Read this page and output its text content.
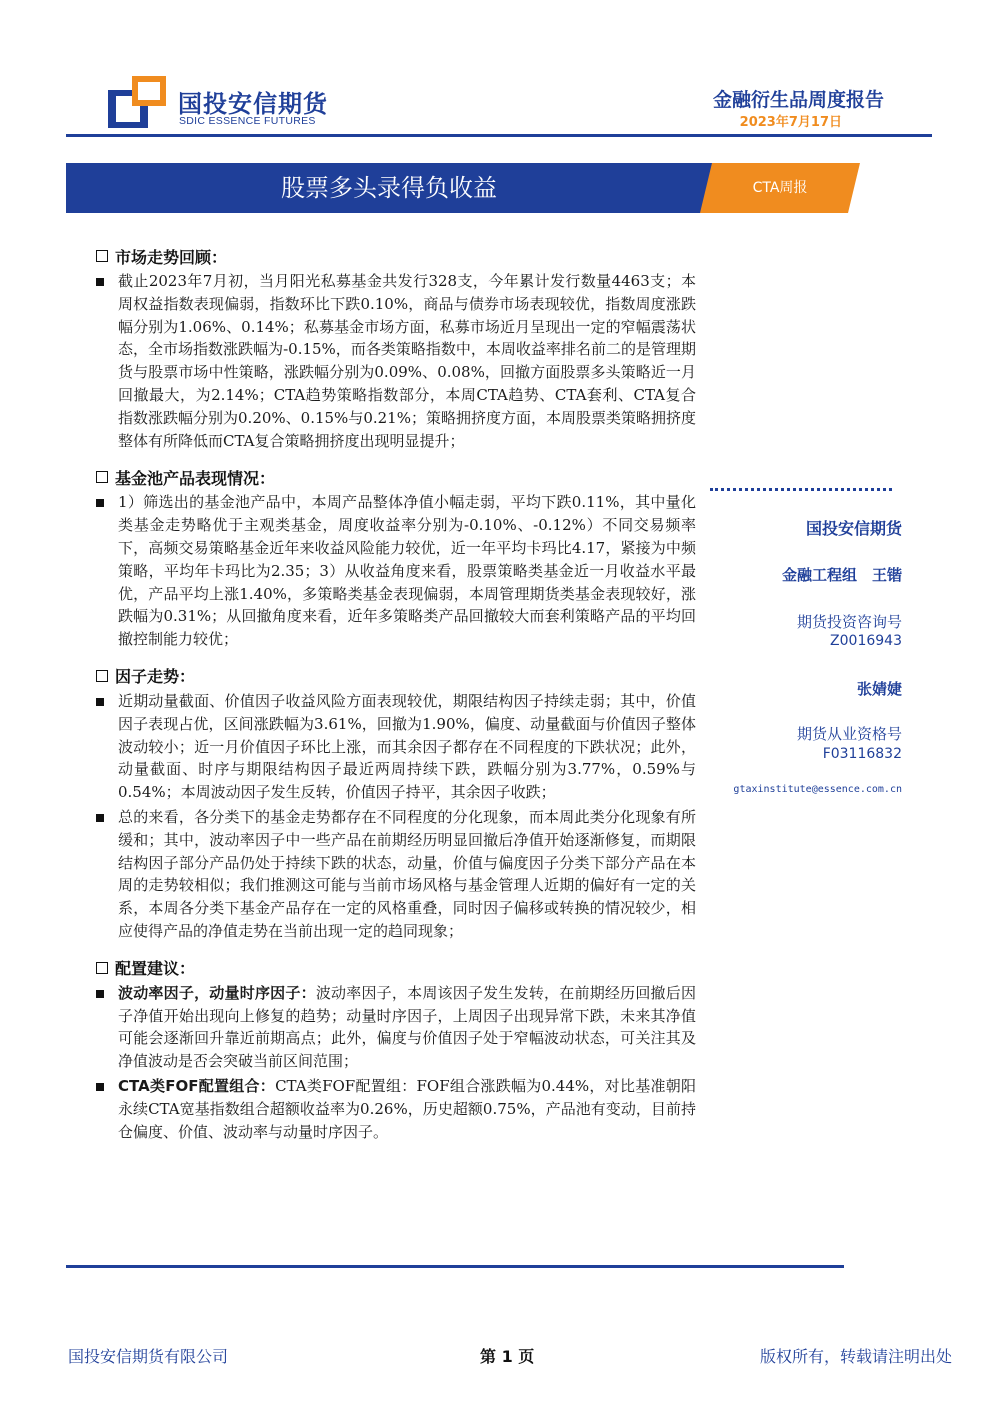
国投安信期货
SDIC ESSENCE FUTURES
金融衍生品周度报告
2023年7月17日
股票多头录得负收益	CTA周报
市场走势回顾：
截止2023年7月初，当月阳光私募基金共发行328支，今年累计发行数量4463支；本周权益指数表现偏弱，指数环比下跌0.10%，商品与债券市场表现较优，指数周度涨跌幅分别为1.06%、0.14%；私募基金市场方面，私募市场近月呈现出一定的窄幅震荡状态，全市场指数涨跌幅为-0.15%，而各类策略指数中，本周收益率排名前二的是管理期货与股票市场中性策略，涨跌幅分别为0.09%、0.08%，回撤方面股票多头策略近一月回撤最大，为2.14%；CTA趋势策略指数部分，本周CTA趋势、CTA套利、CTA复合指数涨跌幅分别为0.20%、0.15%与0.21%；策略拥挤度方面，本周股票类策略拥挤度整体有所降低而CTA复合策略拥挤度出现明显提升；
基金池产品表现情况：
1）筛选出的基金池产品中，本周产品整体净值小幅走弱，平均下跌0.11%，其中量化类基金走势略优于主观类基金，周度收益率分别为-0.10%、-0.12%）不同交易频率下，高频交易策略基金近年来收益风险能力较优，近一年平均卡玛比4.17，紧接为中频策略，平均年卡玛比为2.35；3）从收益角度来看，股票策略类基金近一月收益水平最优，产品平均上涨1.40%，多策略类基金表现偏弱，本周管理期货类基金表现较好，涨跌幅为0.31%；从回撤角度来看，近年多策略类产品回撤较大而套利策略产品的平均回撤控制能力较优；
因子走势：
近期动量截面、价值因子收益风险方面表现较优，期限结构因子持续走弱；其中，价值因子表现占优，区间涨跌幅为3.61%，回撤为1.90%，偏度、动量截面与价值因子整体波动较小；近一月价值因子环比上涨，而其余因子都存在不同程度的下跌状况；此外，动量截面、时序与期限结构因子最近两周持续下跌，跌幅分别为3.77%，0.59%与0.54%；本周波动因子发生反转，价值因子持平，其余因子收跌；
总的来看，各分类下的基金走势都存在不同程度的分化现象，而本周此类分化现象有所缓和；其中，波动率因子中一些产品在前期经历明显回撤后净值开始逐渐修复，而期限结构因子部分产品仍处于持续下跌的状态，动量，价值与偏度因子分类下部分产品在本周的走势较相似；我们推测这可能与当前市场风格与基金管理人近期的偏好有一定的关系，本周各分类下基金产品存在一定的风格重叠，同时因子偏移或转换的情况较少，相应使得产品的净值走势在当前出现一定的趋同现象；
配置建议：
波动率因子，动量时序因子：波动率因子，本周该因子发生发转，在前期经历回撤后因子净值开始出现向上修复的趋势；动量时序因子，上周因子出现异常下跌，未来其净值可能会逐渐回升靠近前期高点；此外，偏度与价值因子处于窄幅波动状态，可关注其及净值波动是否会突破当前区间范围；
CTA类FOF配置组合：CTA类FOF配置组：FOF组合涨跌幅为0.44%，对比基准朝阳永续CTA宽基指数组合超额收益率为0.26%，历史超额0.75%，产品池有变动，目前持仓偏度、价值、波动率与动量时序因子。
国投安信期货
金融工程组　王锴
期货投资咨询号
Z0016943
张婧婕
期货从业资格号
F03116832
gtaxinstitute@essence.com.cn
国投安信期货有限公司	第 1 页	版权所有，转载请注明出处
